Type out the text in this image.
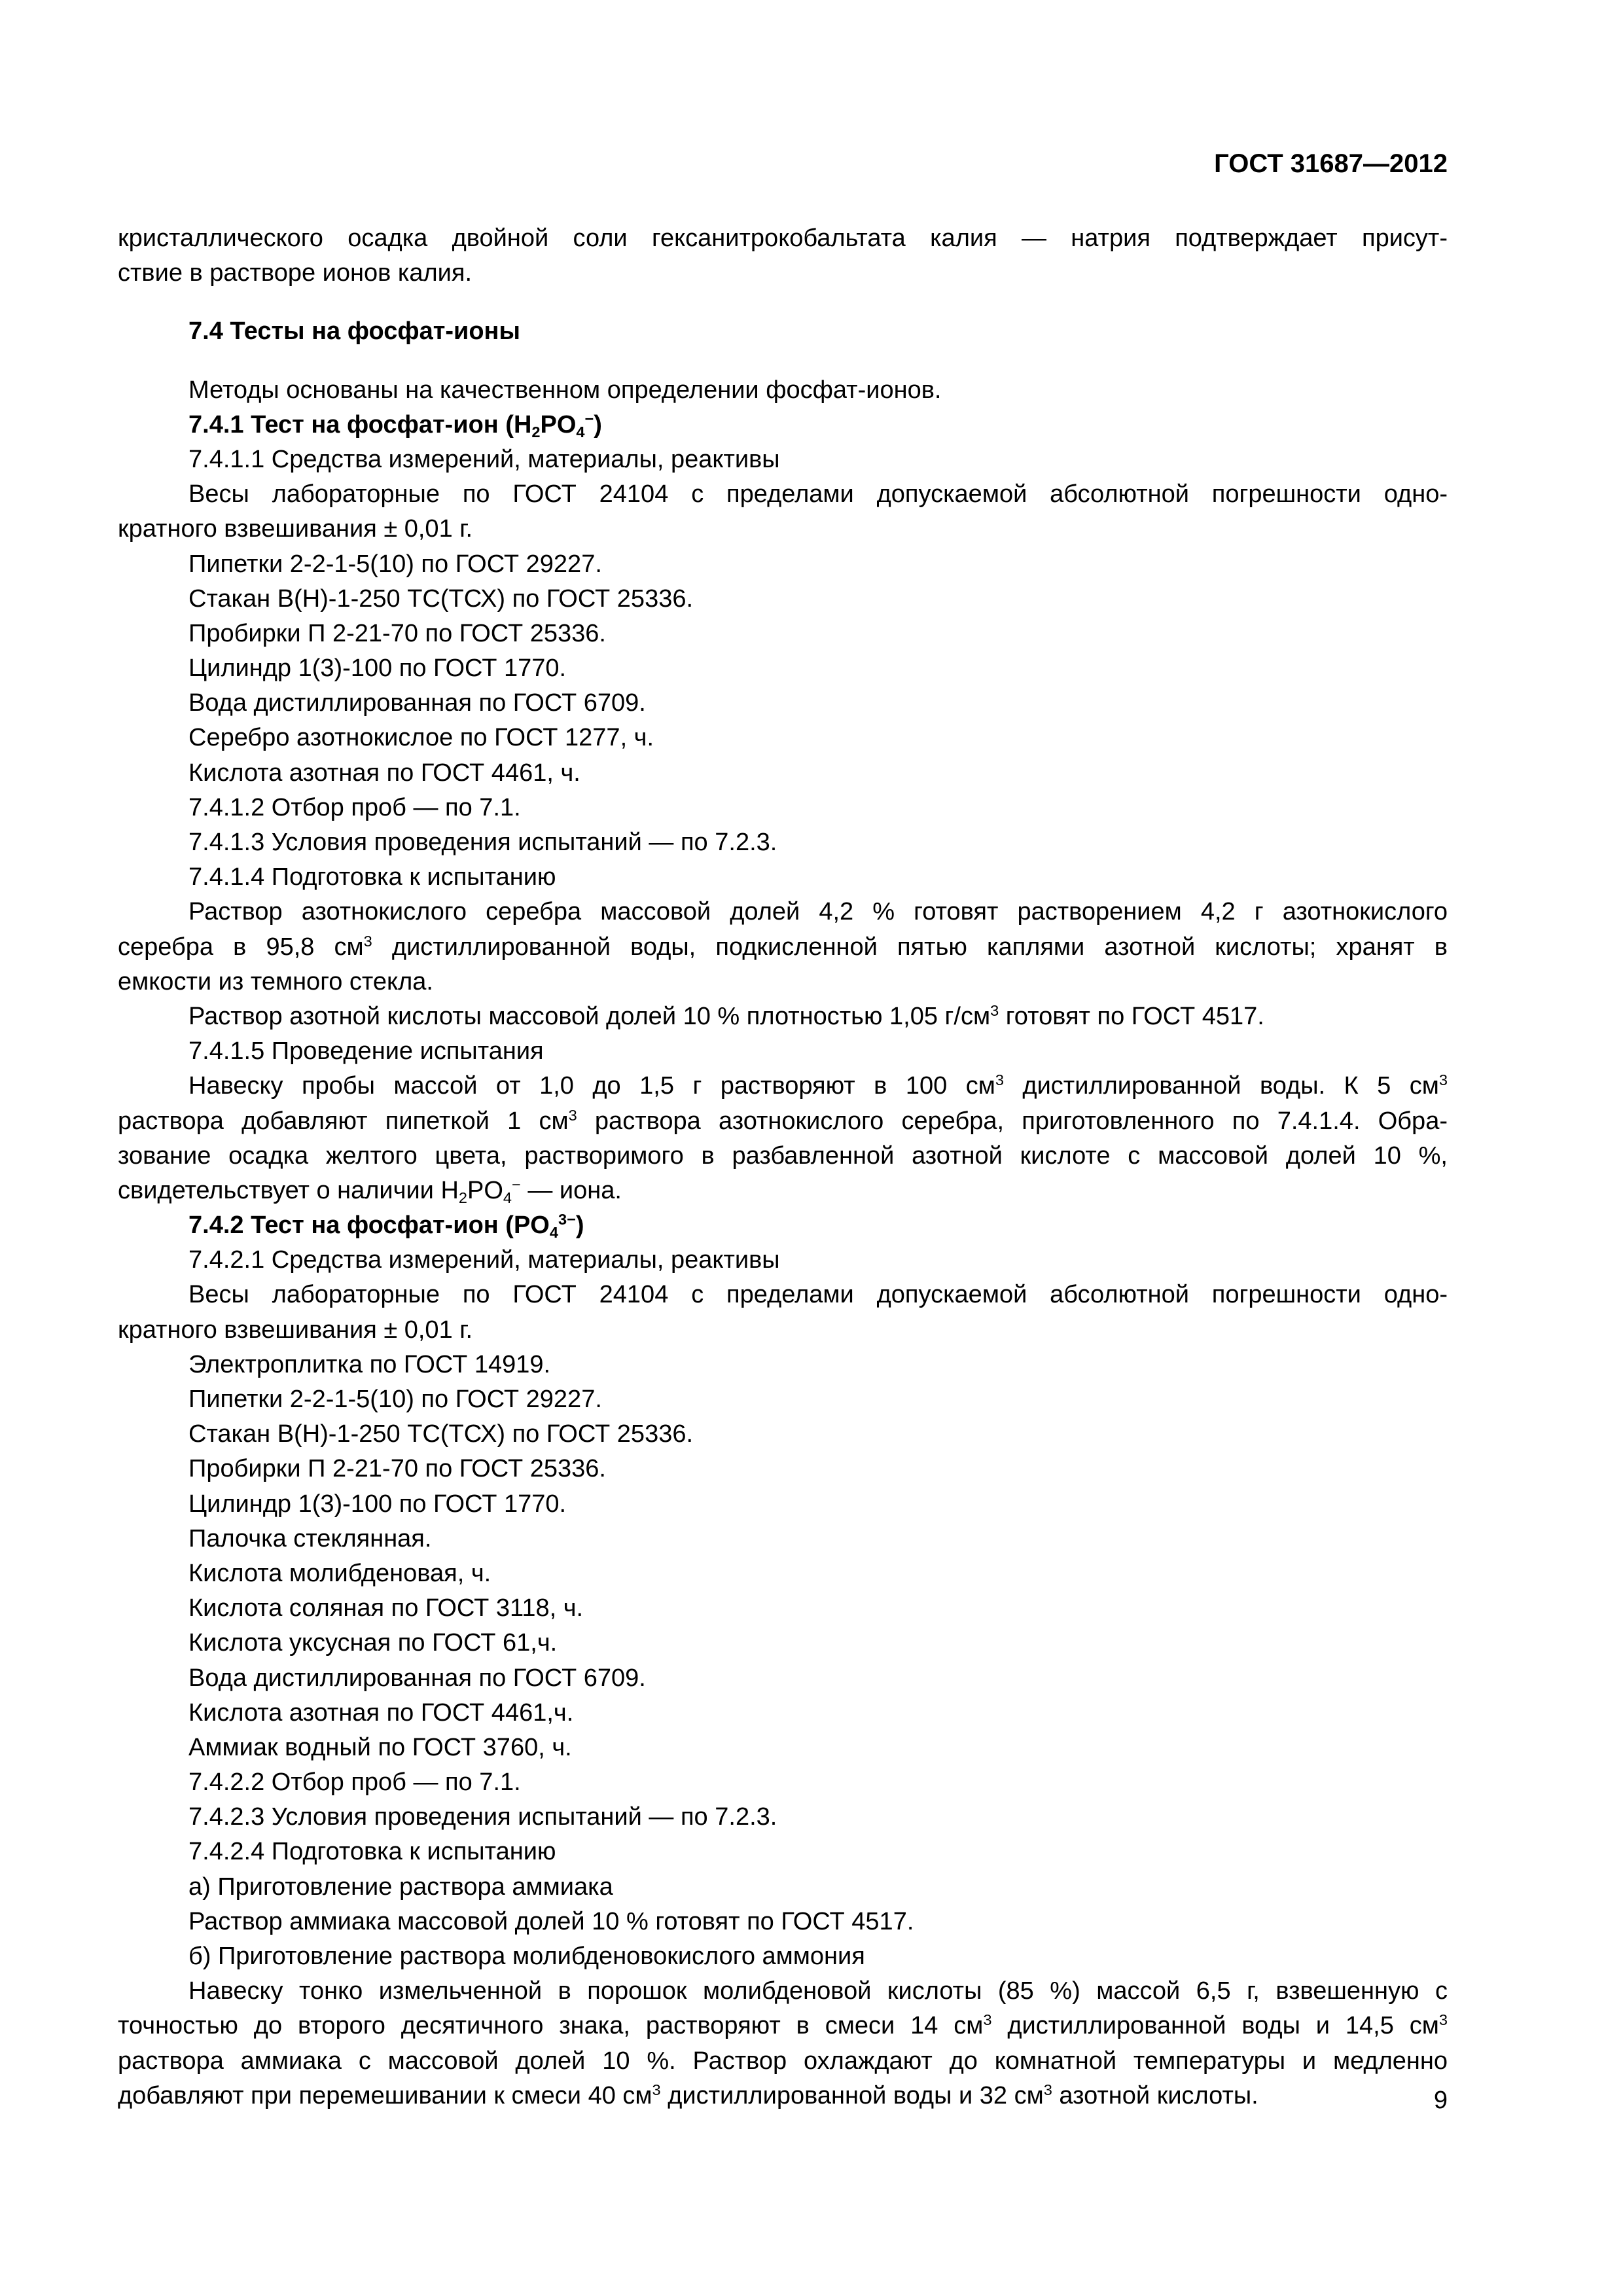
ГОСТ 31687—2012
кристаллического осадка двойной соли гексанитрокобальтата калия — натрия подтверждает присут-
ствие в растворе ионов калия.
7.4 Тесты на фосфат-ионы
Методы основаны на качественном определении фосфат-ионов.
7.4.1 Тест на фосфат-ион $(H_2PO_4^-)$
7.4.1.1 Средства измерений, материалы, реактивы
Весы лабораторные по ГОСТ 24104 с пределами допускаемой абсолютной погрешности одно-
кратного взвешивания ± 0,01 г.
Пипетки 2-2-1-5(10) по ГОСТ 29227.
Стакан В(Н)-1-250 ТС(ТСХ) по ГОСТ 25336.
Пробирки П 2-21-70 по ГОСТ 25336.
Цилиндр 1(3)-100 по ГОСТ 1770.
Вода дистиллированная по ГОСТ 6709.
Серебро азотнокислое по ГОСТ 1277, ч.
Кислота азотная по ГОСТ 4461, ч.
7.4.1.2 Отбор проб — по 7.1.
7.4.1.3 Условия проведения испытаний — по 7.2.3.
7.4.1.4 Подготовка к испытанию
Раствор азотнокислого серебра массовой долей 4,2 % готовят растворением 4,2 г азотнокислого
серебра в 95,8 $см^3$ дистиллированной воды, подкисленной пятью каплями азотной кислоты; хранят в
емкости из темного стекла.
Раствор азотной кислоты массовой долей 10 % плотностью 1,05 $г/см^3$ готовят по ГОСТ 4517.
7.4.1.5 Проведение испытания
Навеску пробы массой от 1,0 до 1,5 г растворяют в 100 $см^3$ дистиллированной воды. К 5 $см^3$
раствора добавляют пипеткой 1 $см^3$ раствора азотнокислого серебра, приготовленного по 7.4.1.4. Обра-
зование осадка желтого цвета, растворимого в разбавленной азотной кислоте с массовой долей 10 %,
свидетельствует о наличии $H_2PO_4^-$ — иона.
7.4.2 Тест на фосфат-ион $(PO_4^{3-})$
7.4.2.1 Средства измерений, материалы, реактивы
Весы лабораторные по ГОСТ 24104 с пределами допускаемой абсолютной погрешности одно-
кратного взвешивания ± 0,01 г.
Электроплитка по ГОСТ 14919.
Пипетки 2-2-1-5(10) по ГОСТ 29227.
Стакан В(Н)-1-250 ТС(ТСХ) по ГОСТ 25336.
Пробирки П 2-21-70 по ГОСТ 25336.
Цилиндр 1(3)-100 по ГОСТ 1770.
Палочка стеклянная.
Кислота молибденовая, ч.
Кислота соляная по ГОСТ 3118, ч.
Кислота уксусная по ГОСТ 61,ч.
Вода дистиллированная по ГОСТ 6709.
Кислота азотная по ГОСТ 4461,ч.
Аммиак водный по ГОСТ 3760, ч.
7.4.2.2 Отбор проб — по 7.1.
7.4.2.3 Условия проведения испытаний — по 7.2.3.
7.4.2.4 Подготовка к испытанию
а) Приготовление раствора аммиака
Раствор аммиака массовой долей 10 % готовят по ГОСТ 4517.
б) Приготовление раствора молибденовокислого аммония
Навеску тонко измельченной в порошок молибденовой кислоты (85 %) массой 6,5 г, взвешенную с
точностью до второго десятичного знака, растворяют в смеси 14 $см^3$ дистиллированной воды и 14,5 $см^3$
раствора аммиака с массовой долей 10 %. Раствор охлаждают до комнатной температуры и медленно
добавляют при перемешивании к смеси 40 $см^3$ дистиллированной воды и 32 $см^3$ азотной кислоты.	9
